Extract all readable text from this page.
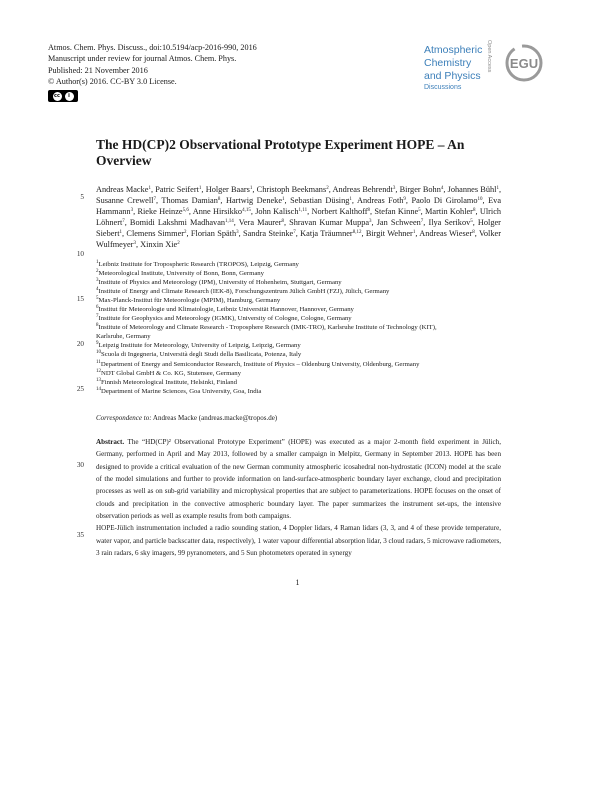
Atmos. Chem. Phys. Discuss., doi:10.5194/acp-2016-990, 2016
Manuscript under review for journal Atmos. Chem. Phys.
Published: 21 November 2016
© Author(s) 2016. CC-BY 3.0 License.
cc	i
Atmospheric
Chemistry
and Physics
Discussions
Open Access EGU
The HD(CP)2 Observational Prototype Experiment HOPE – An Overview
5
10
15
20
25
30
35
Andreas Macke$^1$, Patric Seifert$^1$, Holger Baars$^1$, Christoph Beekmans$^2$, Andreas Behrendt$^3$, Birger Bohn$^4$, Johannes Bühl$^1$, Susanne Crewell$^7$, Thomas Damian$^8$, Hartwig Deneke$^1$, Sebastian Düsing$^1$, Andreas Foth$^9$, Paolo Di Girolamo$^{10}$, Eva Hammann$^3$, Rieke Heinze$^{5,6}$, Anne Hirsikko$^{4,15}$, John Kalisch$^{1,11}$, Norbert Kalthoff$^8$, Stefan Kinne$^5$, Martin Kohler$^8$, Ulrich Löhnert$^7$, Bomidi Lakshmi Madhavan$^{1,14}$, Vera Maurer$^8$, Shravan Kumar Muppa$^3$, Jan Schween$^7$, Ilya Serikov$^5$, Holger Siebert$^1$, Clemens Simmer$^2$, Florian Späth$^3$, Sandra Steinke$^7$, Katja Träumner$^{8,12}$, Birgit Wehner$^1$, Andreas Wieser$^8$, Volker Wulfmeyer$^3$, Xinxin Xie$^2$
$^1$Leibniz Institute for Tropospheric Research (TROPOS), Leipzig, Germany
$^2$Meteorological Institute, University of Bonn, Bonn, Germany
$^3$Institute of Physics and Meteorology (IPM), University of Hohenheim, Stuttgart, Germany
$^4$Institute of Energy and Climate Research (IEK-8), Forschungszentrum Jülich GmbH (FZJ), Jülich, Germany
$^5$Max-Planck-Institut für Meteorologie (MPIM), Hamburg, Germany
$^6$Institut für Meteorologie und Klimatologie, Leibniz Universität Hannover, Hannover, Germany
$^7$Institute for Geophysics and Meteorology (IGMK), University of Cologne, Cologne, Germany
$^8$Institute of Meteorology and Climate Research - Troposphere Research (IMK-TRO), Karlsruhe Institute of Technology (KIT),
Karlsruhe, Germany
$^9$Leipzig Institute for Meteorology, University of Leipzig, Leipzig, Germany
$^{10}$Scuola di Ingegneria, Università degli Studi della Basilicata, Potenza, Italy
$^{11}$Department of Energy and Semiconductor Research, Institute of Physics – Oldenburg University, Oldenburg, Germany
$^{12}$NDT Global GmbH & Co. KG, Stutensee, Germany
$^{13}$Finnish Meteorological Institute, Helsinki, Finland
$^{14}$Department of Marine Sciences, Goa University, Goa, India
Correspondence to: Andreas Macke (andreas.macke@tropos.de)

Abstract. The “HD(CP)² Observational Prototype Experiment” (HOPE) was executed as a major 2-month field experiment in Jülich, Germany, performed in April and May 2013, followed by a smaller campaign in Melpitz, Germany in September 2013. HOPE has been designed to provide a critical evaluation of the new German community atmospheric icosahedral non-hydrostatic (ICON) model at the scale of the model simulations and further to provide information on land-surface-atmospheric boundary layer exchange, cloud and precipitation processes as well as on sub-grid variability and microphysical properties that are subject to parameterizations. HOPE focuses on the onset of clouds and precipitation in the convective atmospheric boundary layer. The paper summarizes the instrument set-ups, the intensive observation periods as well as example results from both campaigns.

HOPE-Jülich instrumentation included a radio sounding station, 4 Doppler lidars, 4 Raman lidars (3, 3, and 4 of these provide temperature, water vapor, and particle backscatter data, respectively), 1 water vapour differential absorption lidar, 3 cloud radars, 5 microwave radiometers, 3 rain radars, 6 sky imagers, 99 pyranometers, and 5 Sun photometers operated in synergy

1
